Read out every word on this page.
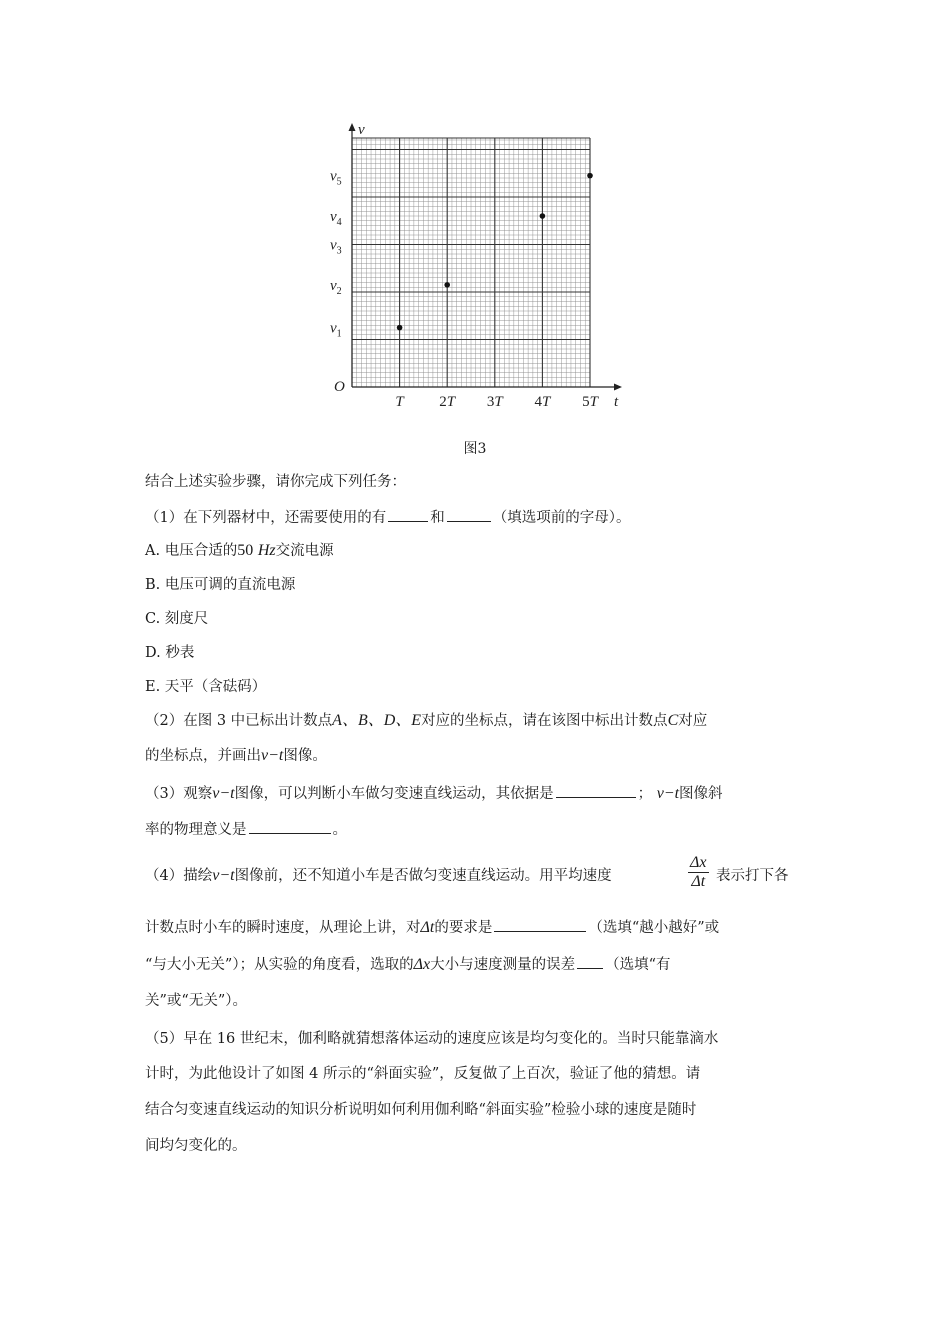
v
t
O
$v_1$
$v_2$
$v_3$
$v_4$
$v_5$
T 2T 3T 4T 5T
图3
结合上述实验步骤，请你完成下列任务：
（1）在下列器材中，还需要使用的有	和	（填选项前的字母）。
A. 电压合适的50 Hz交流电源
B. 电压可调的直流电源
C. 刻度尺
D. 秒表
E. 天平（含砝码）
（2）在图 3 中已标出计数点A、B、D、E对应的坐标点，请在该图中标出计数点C对应
的坐标点，并画出v−t图像。
（3）观察v−t图像，可以判断小车做匀变速直线运动，其依据是	； v−t图像斜
率的物理意义是	。
（4）描绘v−t图像前，还不知道小车是否做匀变速直线运动。用平均速度	$\frac{\Delta x}{\Delta t}$ 表示打下各
计数点时小车的瞬时速度，从理论上讲，对Δt的要求是	（选填“越小越好”或
“与大小无关”）；从实验的角度看，选取的Δx大小与速度测量的误差 （选填“有
关”或“无关”）。
（5）早在 16 世纪末，伽利略就猜想落体运动的速度应该是均匀变化的。当时只能靠滴水
计时，为此他设计了如图 4 所示的“斜面实验”，反复做了上百次，验证了他的猜想。请
结合匀变速直线运动的知识分析说明如何利用伽利略“斜面实验”检验小球的速度是随时
间均匀变化的。
